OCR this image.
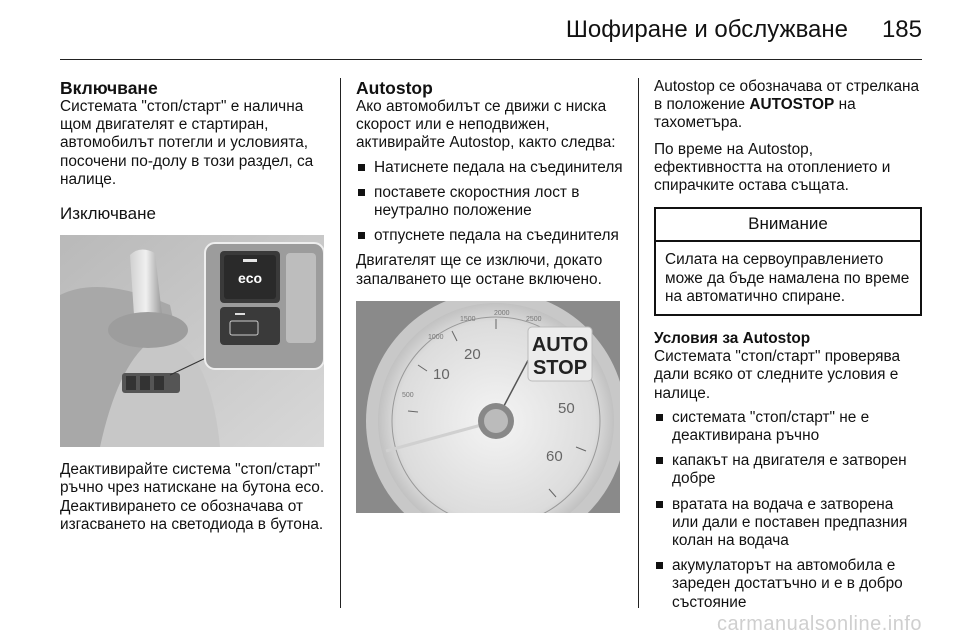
Шофиране и обслужване 185
Включване

Системата "стоп/старт" е налична щом двигателят е стартиран, автомобилът потегли и условията, посочени по-долу в този раздел, са налице.

Изключване
eco

Деактивирайте система "стоп/старт" ръчно чрез натискане на бутона eco. Деактивирането се обозначава от изгасването на светодиода в бутона.

Autostop

Ако автомобилът се движи с ниска скорост или е неподвижен, активирайте Autostop, както следва:

Натиснете педала на съединителя
поставете скоростния лост в неутрално положение
отпуснете педала на съединителя

Двигателят ще се изключи, докато запалването ще остане включено.

10
20
50
60
500
1000
1500
2000
2500
AUTO
STOP

Autostop се обозначава от стрелкана в положение AUTOSTOP на тахометъра.

По време на Autostop, ефективността на отоплението и спирачките остава същата.

Внимание
Силата на сервоуправлението може да бъде намалена по време на автоматично спиране.
Условия за Autostop

Системата "стоп/старт" проверява дали всяко от следните условия е налице.

системата "стоп/старт" не е деактивирана ръчно
капакът на двигателя е затворен добре
вратата на водача е затворена или дали е поставен предпазния колан на водача
акумулаторът на автомобила е зареден достатъчно и е в добро състояние
carmanualsonline.info
